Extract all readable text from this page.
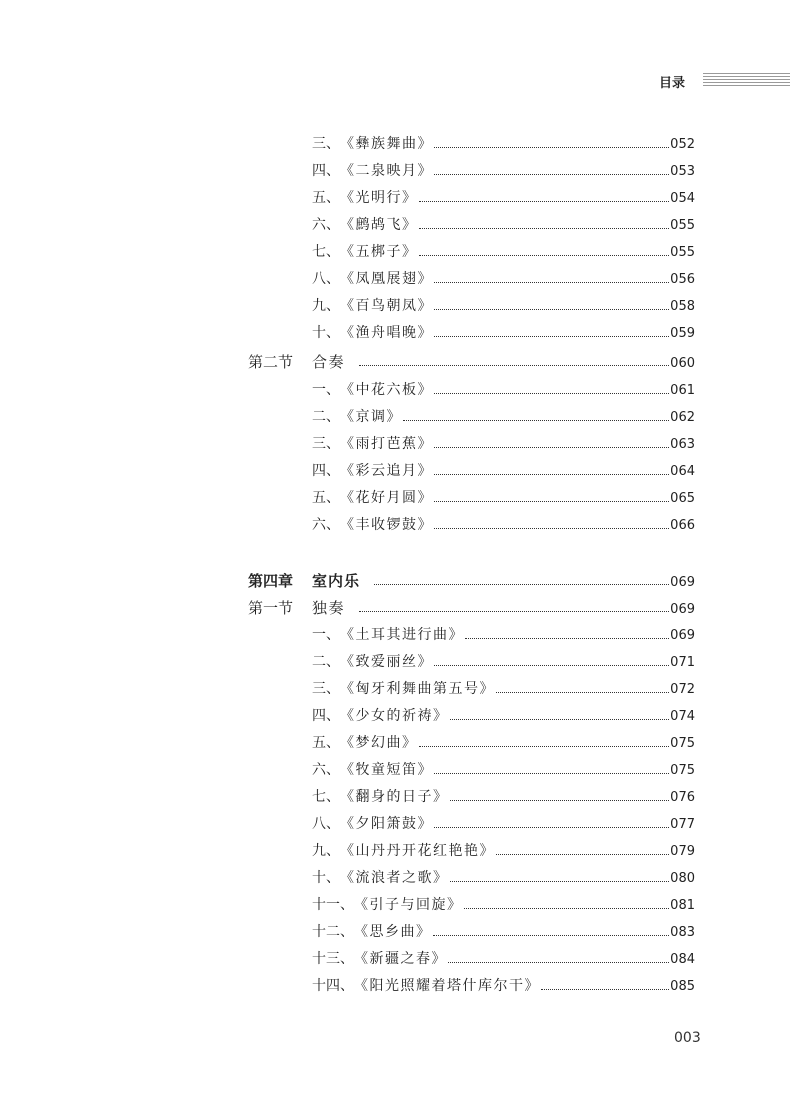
目录
三、 《彝族舞曲》	052
四、 《二泉映月》	053
五、 《光明行》	054
六、 《鹧鸪飞》	055
七、 《五梆子》	055
八、 《凤凰展翅》	056
九、 《百鸟朝凤》	058
十、 《渔舟唱晚》	059
第二节 合奏	060
一、 《中花六板》	061
二、 《京调》	062
三、 《雨打芭蕉》	063
四、 《彩云追月》	064
五、 《花好月圆》	065
六、 《丰收锣鼓》	066
第四章 室内乐	069
第一节 独奏	069
一、 《土耳其进行曲》	069
二、 《致爱丽丝》	071
三、 《匈牙利舞曲第五号》	072
四、 《少女的祈祷》	074
五、 《梦幻曲》	075
六、 《牧童短笛》	075
七、 《翻身的日子》	076
八、 《夕阳箫鼓》	077
九、 《山丹丹开花红艳艳》	079
十、 《流浪者之歌》	080
十一、 《引子与回旋》	081
十二、 《思乡曲》	083
十三、 《新疆之春》	084
十四、 《阳光照耀着塔什库尔干》	085
003
